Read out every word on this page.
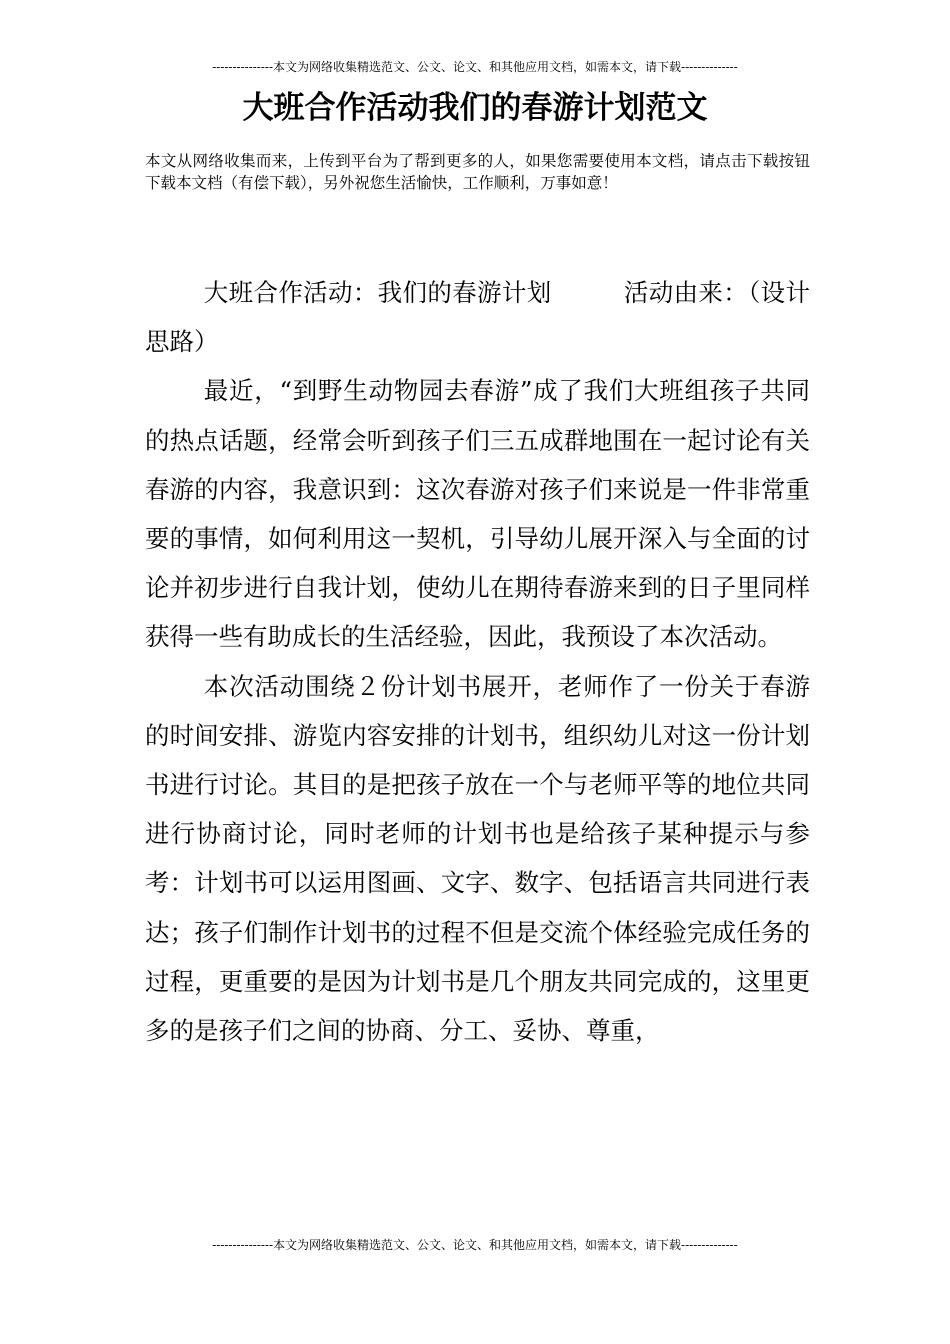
---------------本文为网络收集精选范文、公文、论文、和其他应用文档，如需本文，请下载--------------
大班合作活动我们的春游计划范文

本文从网络收集而来，上传到平台为了帮到更多的人，如果您需要使用本文档，请点击下载按钮下载本文档（有偿下载），另外祝您生活愉快，工作顺利，万事如意！

大班合作活动：我们的春游计划	活动由来：（设计思路）

最近，“到野生动物园去春游”成了我们大班组孩子共同的热点话题，经常会听到孩子们三五成群地围在一起讨论有关春游的内容，我意识到：这次春游对孩子们来说是一件非常重要的事情，如何利用这一契机，引导幼儿展开深入与全面的讨论并初步进行自我计划，使幼儿在期待春游来到的日子里同样获得一些有助成长的生活经验，因此，我预设了本次活动。

本次活动围绕２份计划书展开，老师作了一份关于春游的时间安排、游览内容安排的计划书，组织幼儿对这一份计划书进行讨论。其目的是把孩子放在一个与老师平等的地位共同进行协商讨论，同时老师的计划书也是给孩子某种提示与参考：计划书可以运用图画、文字、数字、包括语言共同进行表达；孩子们制作计划书的过程不但是交流个体经验完成任务的过程，更重要的是因为计划书是几个朋友共同完成的，这里更多的是孩子们之间的协商、分工、妥协、尊重，

---------------本文为网络收集精选范文、公文、论文、和其他应用文档，如需本文，请下载--------------
